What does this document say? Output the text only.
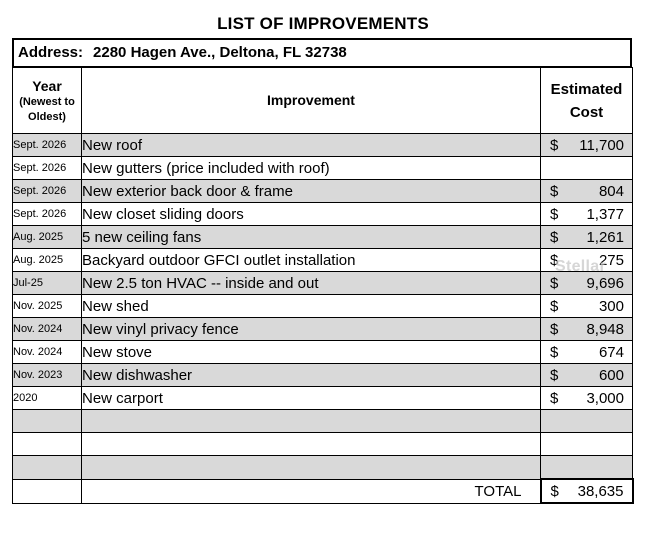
LIST OF IMPROVEMENTS
Address: 2280 Hagen Ave., Deltona, FL 32738
Year
(Newest to
Oldest)	Improvement	Estimated
Cost

Sept. 2026	New roof	$ 11,700

Sept. 2026	New gutters (price included with roof)	
Sept. 2026	New exterior back door & frame	$ 804

Sept. 2026	New closet sliding doors	$ 1,377

Aug. 2025	5 new ceiling fans	$ 1,261

Aug. 2025	Backyard outdoor GFCI outlet installation	$ 275

Jul-25	New 2.5 ton HVAC -- inside and out	$ 9,696

Nov. 2025	New shed	$ 300

Nov. 2024	New vinyl privacy fence	$ 8,948

Nov. 2024	New stove	$ 674

Nov. 2023	New dishwasher	$ 600

2020	New carport	$ 3,000

	TOTAL	$ 38,635
Stellar
